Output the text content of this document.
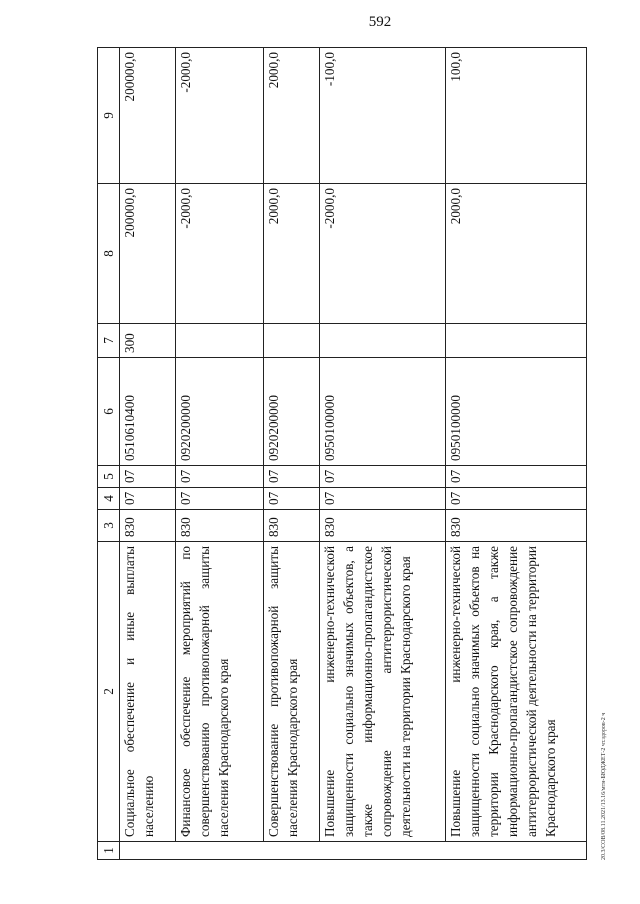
592
20.3/СОВ/08.11.2021/13.16/мтн-БЮДЖЕТ-2 чт.здоров-2 ч
1	2	3	4	5	6	7	8	9
	Социальное обеспечение и иные выплаты населению	830	07	07	0510610400	300	200000,0	200000,0
	Финансовое обеспечение мероприятий по совершенствованию противопожарной защиты населения Краснодарского края	830	07	07	0920200000		-2000,0	-2000,0
	Совершенствование противопожарной защиты населения Краснодарского края	830	07	07	0920200000		2000,0	2000,0
	Повышение инженерно-технической защищенности социально значимых объектов, а также информационно-пропагандистское сопровождение антитеррористической деятельности на территории Краснодарского края	830	07	07	0950100000		-2000,0	-100,0
	Повышение инженерно-технической защищенности социально значимых объектов на территории Краснодарского края, а также информационно-пропагандистское сопровождение антитеррористической деятельности на территории Краснодарского края	830	07	07	0950100000		2000,0	100,0
